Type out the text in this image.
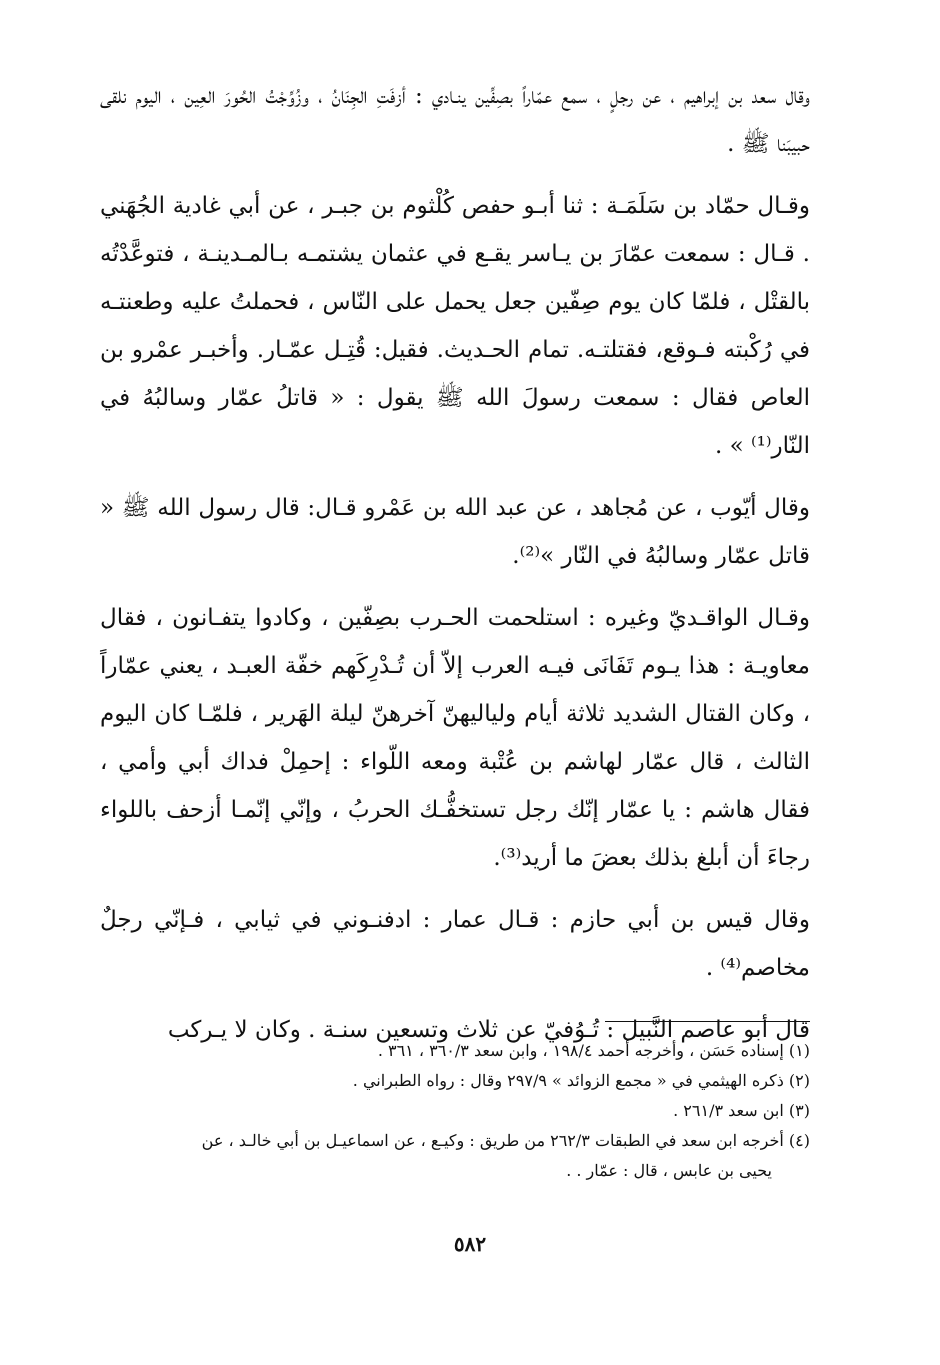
وقال سعد بن إبراهيم ، عن رجلٍ ، سمع عمّاراً بصِفِّين ينـادي : أزفَتِ الجِنَانُ ، وزُوِّجْتُ الحُورَ العِين ، اليوم نلقى حبيبَنا ﷺ .

وقـال حمّاد بن سَلَمَـة : ثنا أبـو حفص كُلْثوم بن جبـر ، عن أبي غادية الجُهَني . قـال : سمعت عمّارَ بن يـاسر يقـع في عثمان يشتمـه بـالمـدينـة ، فتوعَّدْتُه بالقتْل ، فلمّا كان يوم صِفّين جعل يحمل على النّاس ، فحملتُ عليه وطعنتـه في رُكْبته فـوقع، فقتلتـه. تمام الحـديث. فقيل: قُتِـل عمّـار. وأخبـر عمْرو بن العاص فقال : سمعت رسولَ الله ﷺ يقول : « قاتلُ عمّار وسالبُهُ في النّار⁽¹⁾ » .

وقال أيّوب ، عن مُجاهد ، عن عبد الله بن عَمْرو قـال: قال رسول الله ﷺ « قاتل عمّار وسالبُهُ في النّار »⁽²⁾.

وقـال الواقـديّ وغيره : استلحمت الحـرب بصِفّين ، وكادوا يتفـانون ، فقال معاويـة : هذا يـوم تَفَانَى فيـه العرب إلاّ أن تُـدْرِكَهم خفّة العبـد ، يعني عمّاراً ، وكان القتال الشديد ثلاثة أيام ولياليهنّ آخرهنّ ليلة الهَرير ، فلمّـا كان اليوم الثالث ، قال عمّار لهاشم بن عُتْبة ومعه اللّواء : إحمِلْ فداك أبي وأمي ، فقال هاشم : يا عمّار إنّك رجل تستخفُّـك الحربُ ، وإنّي إنّمـا أزحف باللواء رجاءَ أن أبلغ بذلك بعضَ ما أريد⁽³⁾.

وقال قيس بن أبي حازم : قـال عمار : ادفنـوني في ثيابي ، فـإنّي رجلٌ مخاصم⁽⁴⁾ .

قال أبو عاصم النَّبيل : تُـوُفيّ عن ثلاث وتسعين سنـة . وكان لا يـركب

(١) إسناده حَسَن ، وأخرجه أحمد ١٩٨/٤ ، وابن سعد ٣٦٠/٣ ، ٣٦١ .
(٢) ذكره الهيثمي في « مجمع الزوائد » ٢٩٧/٩ وقال : رواه الطبراني .
(٣) ابن سعد ٢٦١/٣ .
(٤) أخرجه ابن سعد في الطبقات ٢٦٢/٣ من طريق : وكيـع ، عن اسماعيـل بن أبي خالـد ، عن
يحيى بن عابس ، قال : عمّار . .
٥٨٢
